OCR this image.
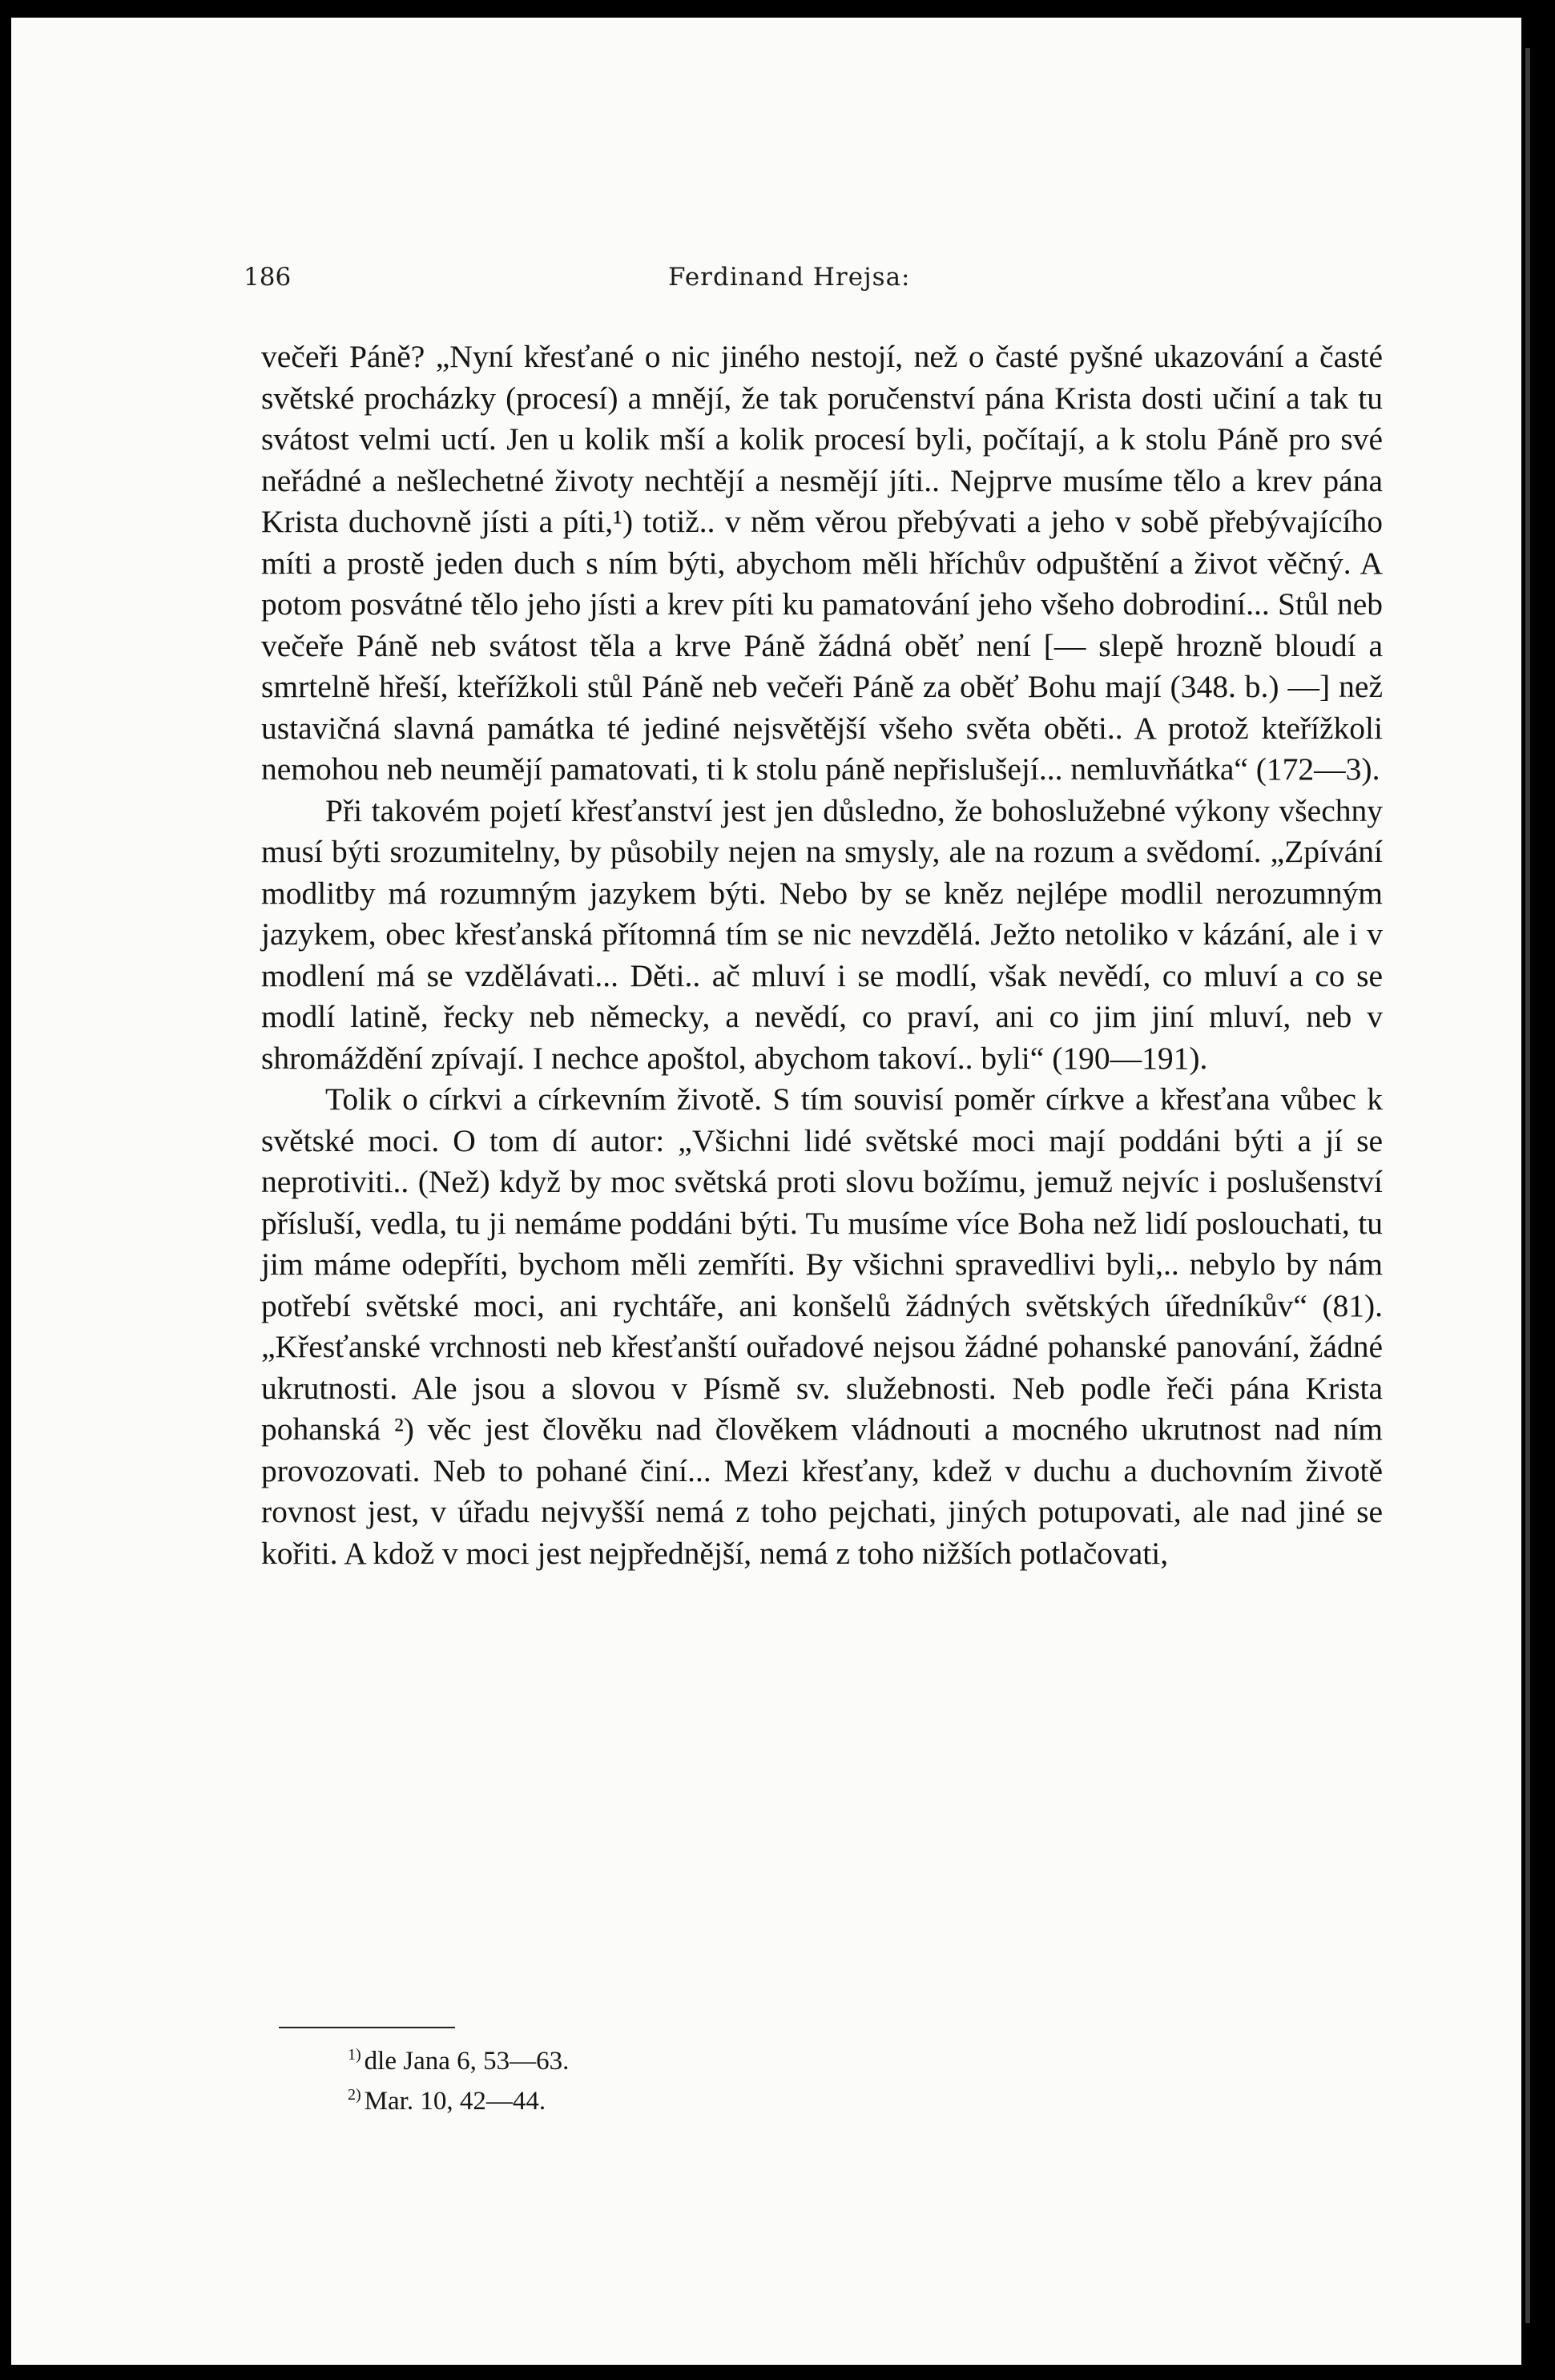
186	Ferdinand Hrejsa:

večeři Páně? „Nyní křesťané o nic jiného nestojí, než o časté pyšné ukazování a časté světské procházky (procesí) a mnějí, že tak poručenství pána Krista dosti učiní a tak tu svátost velmi uctí. Jen u kolik mší a kolik procesí byli, počítají, a k stolu Páně pro své neřádné a nešlechetné životy nechtějí a nesmějí jíti.. Nejprve musíme tělo a krev pána Krista duchovně jísti a píti,¹) totiž.. v něm věrou přebývati a jeho v sobě přebývajícího míti a prostě jeden duch s ním býti, abychom měli hříchův odpuštění a život věčný. A potom posvátné tělo jeho jísti a krev píti ku pamatování jeho všeho dobrodiní... Stůl neb večeře Páně neb svátost těla a krve Páně žádná oběť není [— slepě hrozně bloudí a smrtelně hřeší, kteřížkoli stůl Páně neb večeři Páně za oběť Bohu mají (348. b.) —] než ustavičná slavná památka té jediné nejsvětější všeho světa oběti.. A protož kteřížkoli nemohou neb neumějí pamatovati, ti k stolu páně nepřislušejí... nemluvňátka“ (172—3).

Při takovém pojetí křesťanství jest jen důsledno, že bohoslužebné výkony všechny musí býti srozumitelny, by působily nejen na smysly, ale na rozum a svědomí. „Zpívání modlitby má rozumným jazykem býti. Nebo by se kněz nejlépe modlil nerozumným jazykem, obec křesťanská přítomná tím se nic nevzdělá. Ježto netoliko v kázání, ale i v modlení má se vzdělávati... Děti.. ač mluví i se modlí, však nevědí, co mluví a co se modlí latině, řecky neb německy, a nevědí, co praví, ani co jim jiní mluví, neb v shromáždění zpívají. I nechce apoštol, abychom takoví.. byli“ (190—191).

Tolik o církvi a církevním životě. S tím souvisí poměr církve a křesťana vůbec k světské moci. O tom dí autor: „Všichni lidé světské moci mají poddáni býti a jí se neprotiviti.. (Než) když by moc světská proti slovu božímu, jemuž nejvíc i poslušenství přísluší, vedla, tu ji nemáme poddáni býti. Tu musíme více Boha než lidí poslouchati, tu jim máme odepříti, bychom měli zemříti. By všichni spravedlivi byli,.. nebylo by nám potřebí světské moci, ani rychtáře, ani konšelů žádných světských úředníkův“ (81). „Křesťanské vrchnosti neb křesťanští ouřadové nejsou žádné pohanské panování, žádné ukrutnosti. Ale jsou a slovou v Písmě sv. služebnosti. Neb podle řeči pána Krista pohanská ²) věc jest člověku nad člověkem vládnouti a mocného ukrutnost nad ním provozovati. Neb to pohané činí... Mezi křesťany, kdež v duchu a duchovním životě rovnost jest, v úřadu nejvyšší nemá z toho pejchati, jiných potupovati, ale nad jiné se kořiti. A kdož v moci jest nejpřednější, nemá z toho nižších potlačovati,

$^{1)}$ dle Jana 6, 53—63.
$^{2)}$ Mar. 10, 42—44.
